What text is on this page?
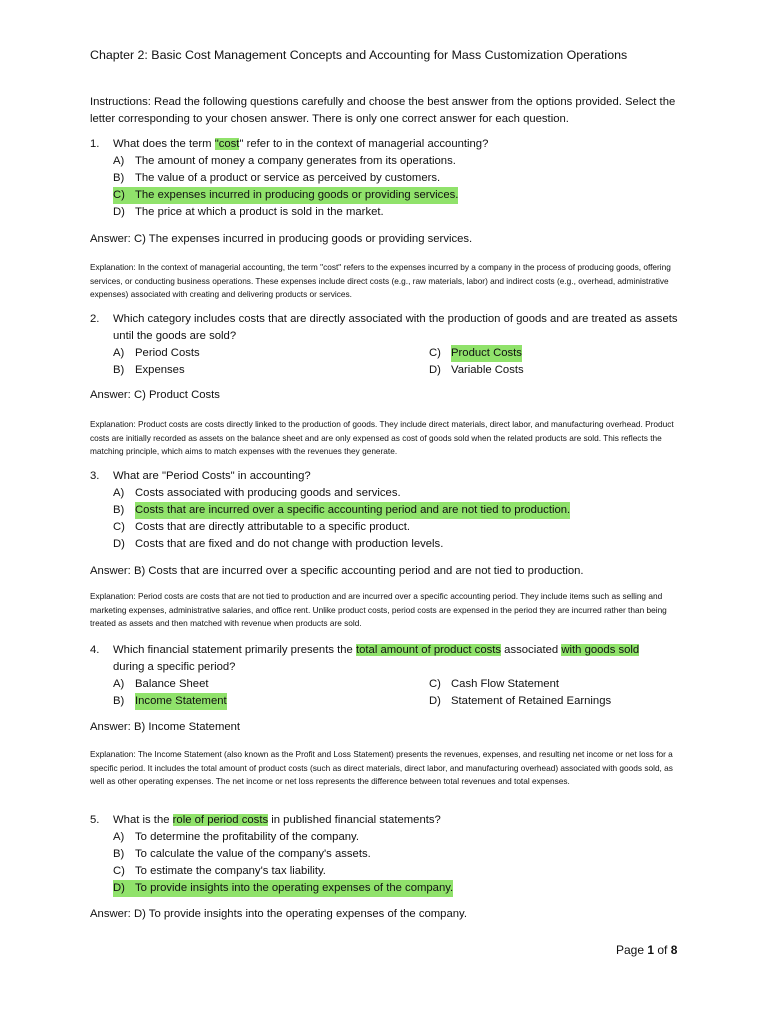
Chapter 2: Basic Cost Management Concepts and Accounting for Mass Customization Operations
Instructions: Read the following questions carefully and choose the best answer from the options provided. Select the letter corresponding to your chosen answer. There is only one correct answer for each question.
1.	What does the term "cost" refer to in the context of managerial accounting?
A) The amount of money a company generates from its operations.
B) The value of a product or service as perceived by customers.
C) The expenses incurred in producing goods or providing services.
D) The price at which a product is sold in the market.
Answer: C) The expenses incurred in producing goods or providing services.
Explanation: In the context of managerial accounting, the term "cost" refers to the expenses incurred by a company in the process of producing goods, offering services, or conducting business operations. These expenses include direct costs (e.g., raw materials, labor) and indirect costs (e.g., overhead, administrative expenses) associated with creating and delivering products or services.
2.	Which category includes costs that are directly associated with the production of goods and are treated as assets until the goods are sold?
A) Period Costs	C) Product Costs
B) Expenses	D) Variable Costs
Answer: C) Product Costs
Explanation: Product costs are costs directly linked to the production of goods. They include direct materials, direct labor, and manufacturing overhead. Product costs are initially recorded as assets on the balance sheet and are only expensed as cost of goods sold when the related products are sold. This reflects the matching principle, which aims to match expenses with the revenues they generate.
3.	What are "Period Costs" in accounting?
A) Costs associated with producing goods and services.
B) Costs that are incurred over a specific accounting period and are not tied to production.
C) Costs that are directly attributable to a specific product.
D) Costs that are fixed and do not change with production levels.
Answer: B) Costs that are incurred over a specific accounting period and are not tied to production.
Explanation: Period costs are costs that are not tied to production and are incurred over a specific accounting period. They include items such as selling and marketing expenses, administrative salaries, and office rent. Unlike product costs, period costs are expensed in the period they are incurred rather than being treated as assets and then matched with revenue when products are sold.
4.	Which financial statement primarily presents the total amount of product costs associated with goods sold
during a specific period?
A) Balance Sheet	C) Cash Flow Statement
B) Income Statement	D) Statement of Retained Earnings
Answer: B) Income Statement
Explanation: The Income Statement (also known as the Profit and Loss Statement) presents the revenues, expenses, and resulting net income or net loss for a specific period. It includes the total amount of product costs (such as direct materials, direct labor, and manufacturing overhead) associated with goods sold, as well as other operating expenses. The net income or net loss represents the difference between total revenues and total expenses.
5.	What is the role of period costs in published financial statements?
A) To determine the profitability of the company.
B) To calculate the value of the company's assets.
C) To estimate the company's tax liability.
D) To provide insights into the operating expenses of the company.
Answer: D) To provide insights into the operating expenses of the company.
Page 1 of 8
